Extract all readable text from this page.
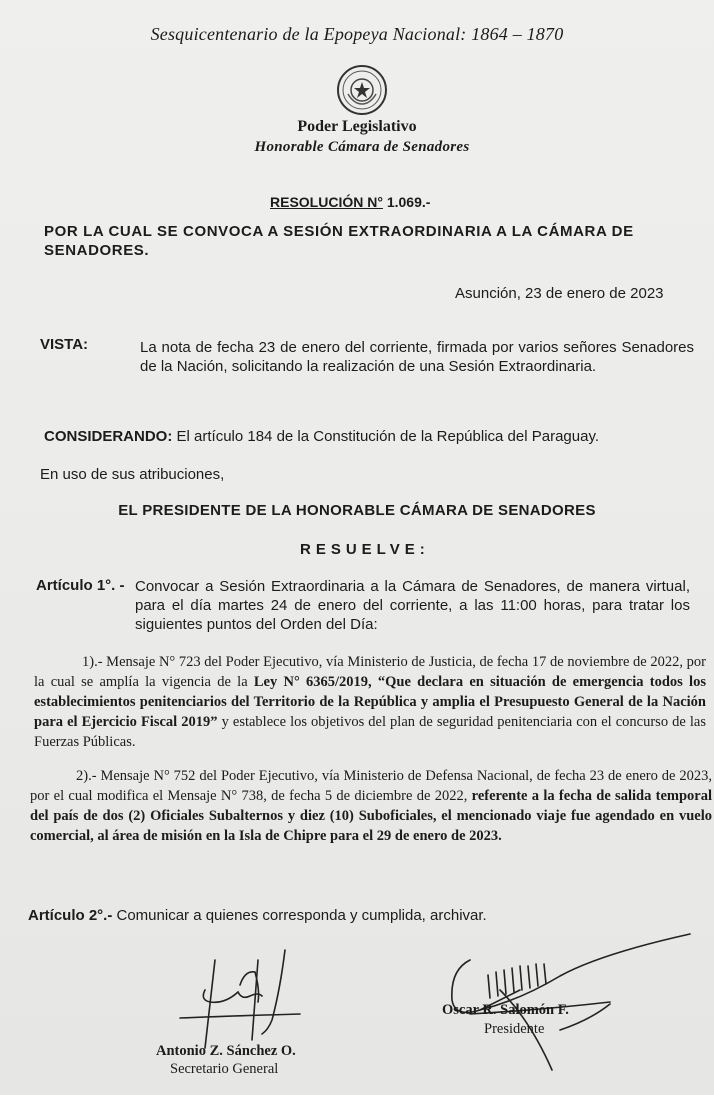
Sesquicentenario de la Epopeya Nacional: 1864 – 1870
Poder Legislativo
Honorable Cámara de Senadores
RESOLUCIÓN N° 1.069.-
POR LA CUAL SE CONVOCA A SESIÓN EXTRAORDINARIA A LA CÁMARA DE SENADORES.
Asunción, 23 de enero de 2023
VISTA:	La nota de fecha 23 de enero del corriente, firmada por varios señores Senadores de la Nación, solicitando la realización de una Sesión Extraordinaria.
CONSIDERANDO: El artículo 184 de la Constitución de la República del Paraguay.
En uso de sus atribuciones,
EL PRESIDENTE DE LA HONORABLE CÁMARA DE SENADORES
RESUELVE:
Artículo 1°. - Convocar a Sesión Extraordinaria a la Cámara de Senadores, de manera virtual, para el día martes 24 de enero del corriente, a las 11:00 horas, para tratar los siguientes puntos del Orden del Día:
1).- Mensaje N° 723 del Poder Ejecutivo, vía Ministerio de Justicia, de fecha 17 de noviembre de 2022, por la cual se amplía la vigencia de la Ley N° 6365/2019, “Que declara en situación de emergencia todos los establecimientos penitenciarios del Territorio de la República y amplia el Presupuesto General de la Nación para el Ejercicio Fiscal 2019” y establece los objetivos del plan de seguridad penitenciaria con el concurso de las Fuerzas Públicas.
2).- Mensaje N° 752 del Poder Ejecutivo, vía Ministerio de Defensa Nacional, de fecha 23 de enero de 2023, por el cual modifica el Mensaje N° 738, de fecha 5 de diciembre de 2022, referente a la fecha de salida temporal del país de dos (2) Oficiales Subalternos y diez (10) Suboficiales, el mencionado viaje fue agendado en vuelo comercial, al área de misión en la Isla de Chipre para el 29 de enero de 2023.
Artículo 2°.- Comunicar a quienes corresponda y cumplida, archivar.
Antonio Z. Sánchez O.
Secretario General
Oscar R. Salomón F.
Presidente
